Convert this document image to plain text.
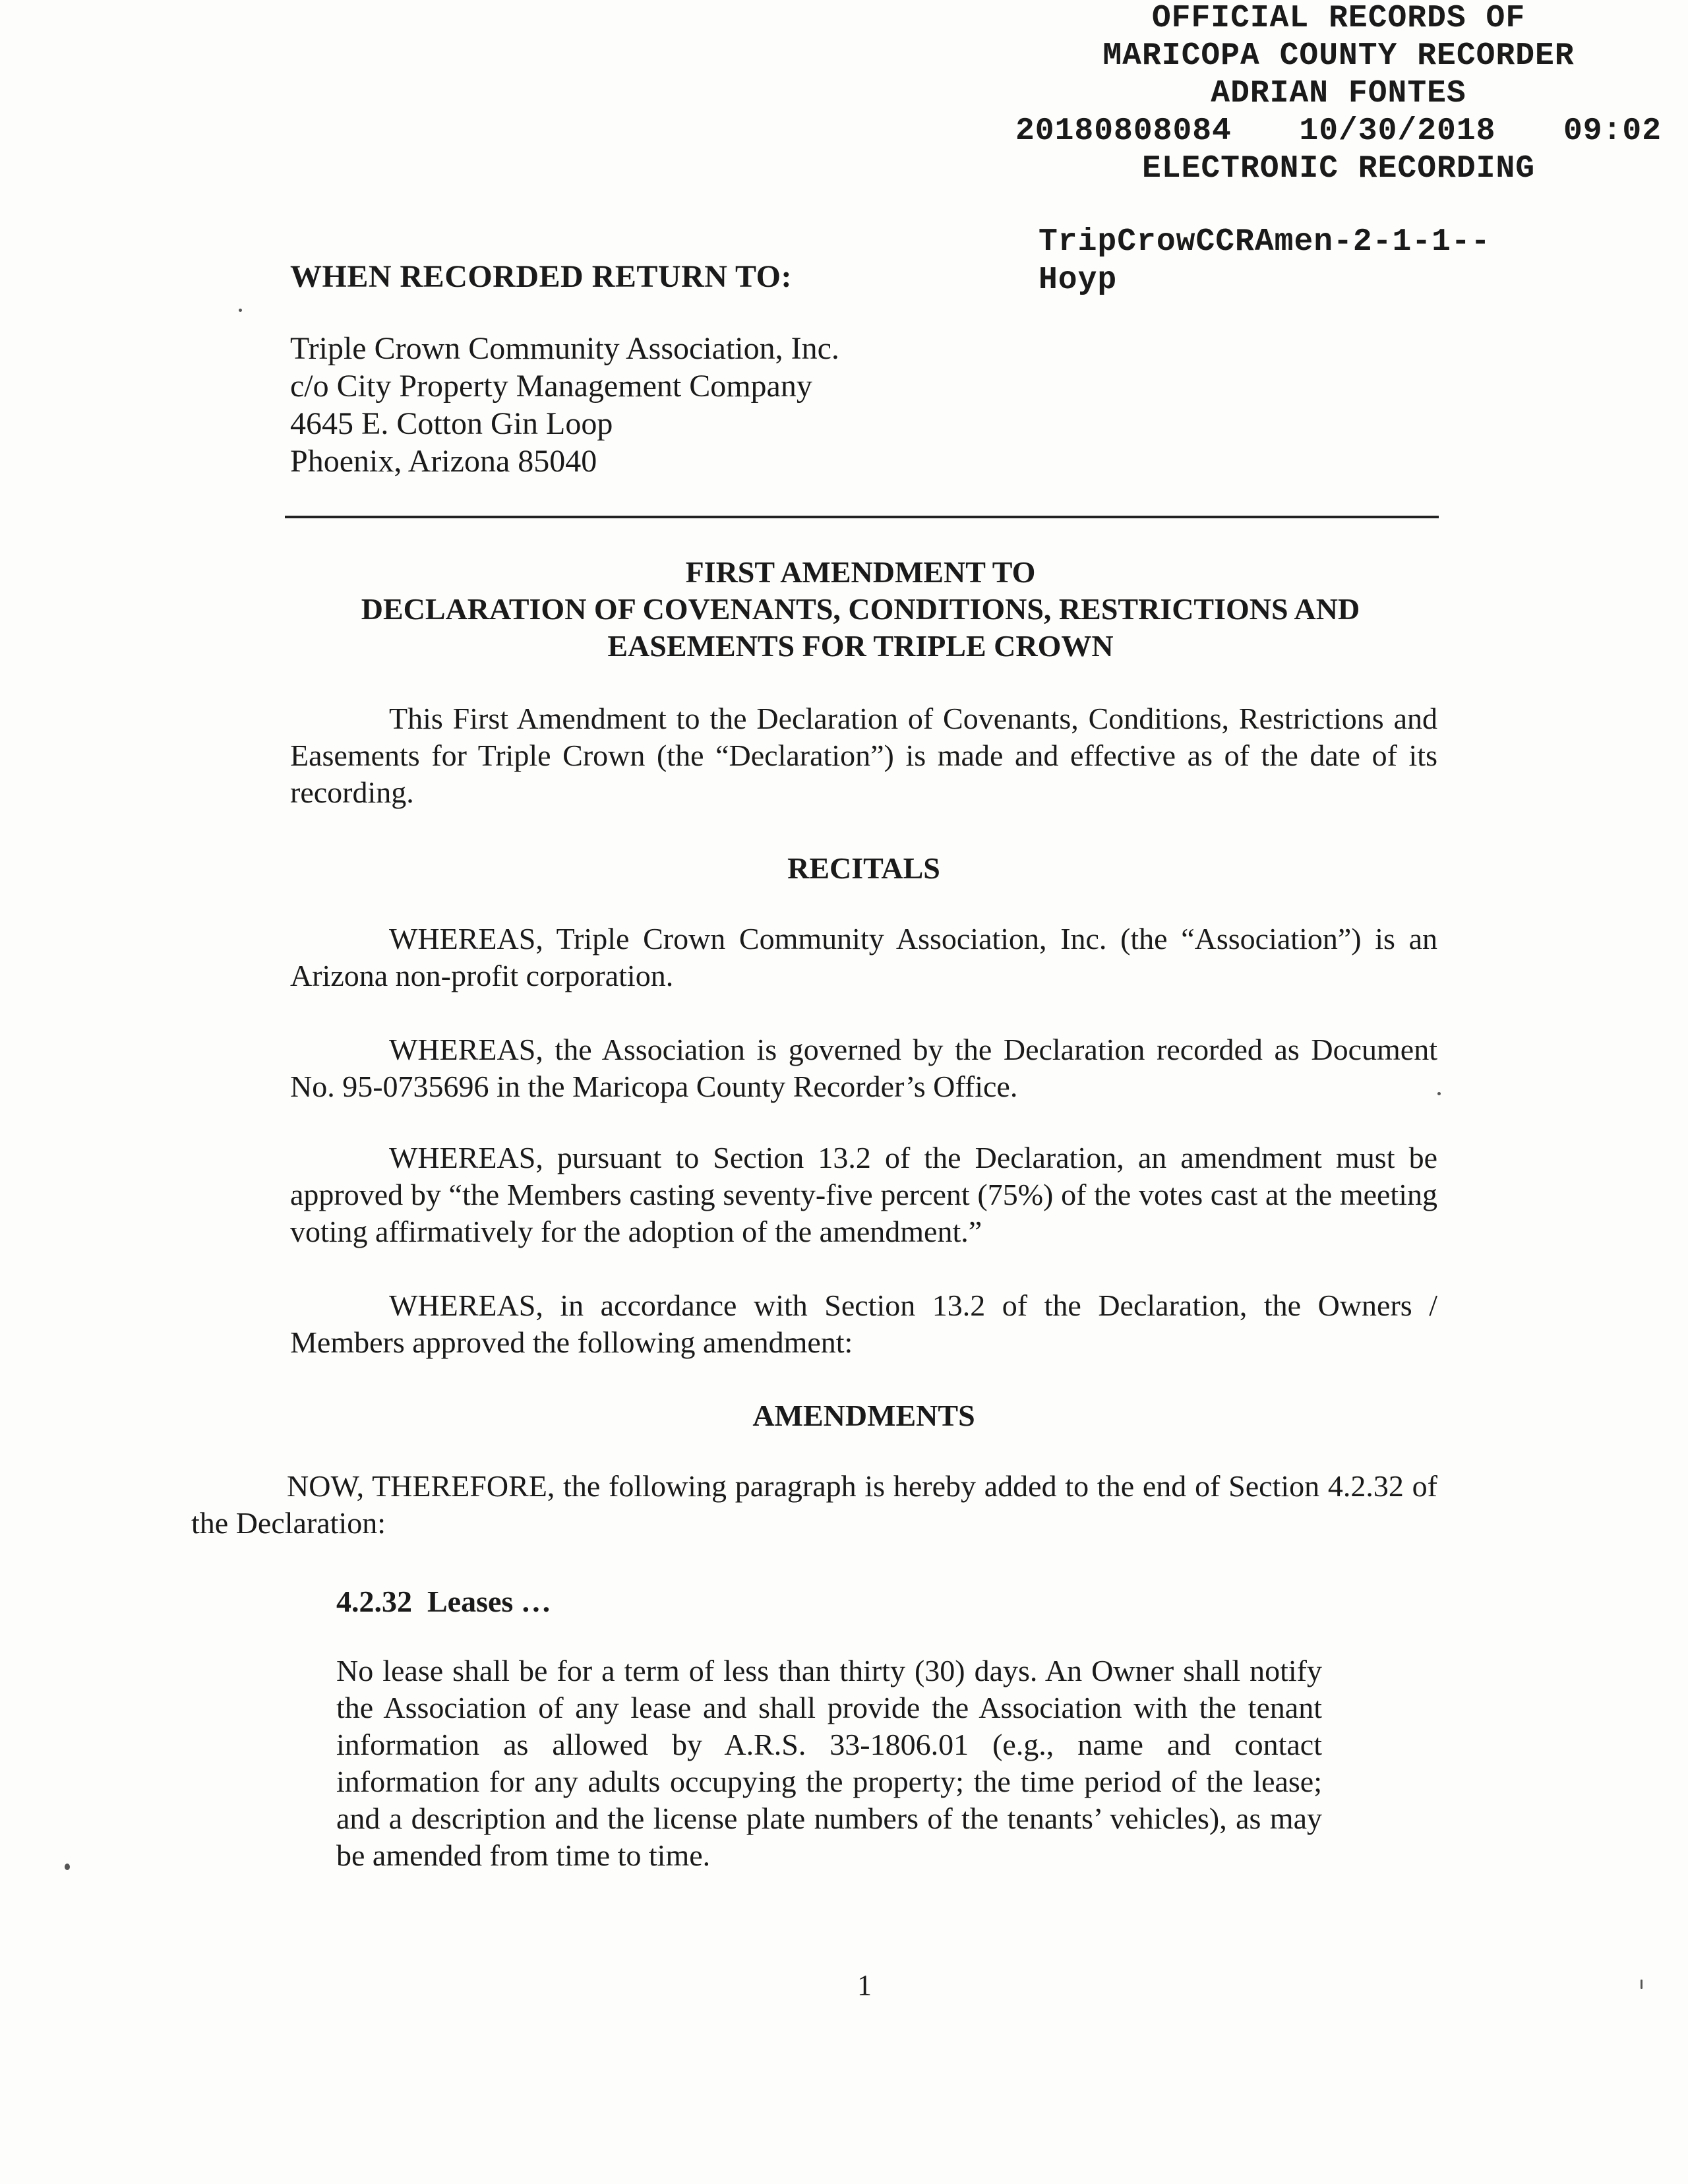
OFFICIAL RECORDS OF
MARICOPA COUNTY RECORDER
ADRIAN FONTES
20180808084 10/30/2018 09:02
ELECTRONIC RECORDING
TripCrowCCRAmen-2-1-1--
Hoyp
WHEN RECORDED RETURN TO:
Triple Crown Community Association, Inc.
c/o City Property Management Company
4645 E. Cotton Gin Loop
Phoenix, Arizona 85040
FIRST AMENDMENT TO
DECLARATION OF COVENANTS, CONDITIONS, RESTRICTIONS AND
EASEMENTS FOR TRIPLE CROWN
This First Amendment to the Declaration of Covenants, Conditions, Restrictions and Easements for Triple Crown (the “Declaration”) is made and effective as of the date of its recording.
RECITALS
WHEREAS, Triple Crown Community Association, Inc. (the “Association”) is an Arizona non-profit corporation.
WHEREAS, the Association is governed by the Declaration recorded as Document No. 95-0735696 in the Maricopa County Recorder’s Office.
WHEREAS, pursuant to Section 13.2 of the Declaration, an amendment must be approved by “the Members casting seventy-five percent (75%) of the votes cast at the meeting voting affirmatively for the adoption of the amendment.”
WHEREAS, in accordance with Section 13.2 of the Declaration, the Owners / Members approved the following amendment:
AMENDMENTS
NOW, THEREFORE, the following paragraph is hereby added to the end of Section 4.2.32 of the Declaration:
4.2.32  Leases …
No lease shall be for a term of less than thirty (30) days. An Owner shall notify the Association of any lease and shall provide the Association with the tenant information as allowed by A.R.S. 33-1806.01 (e.g., name and contact information for any adults occupying the property; the time period of the lease; and a description and the license plate numbers of the tenants’ vehicles), as may be amended from time to time.
1
